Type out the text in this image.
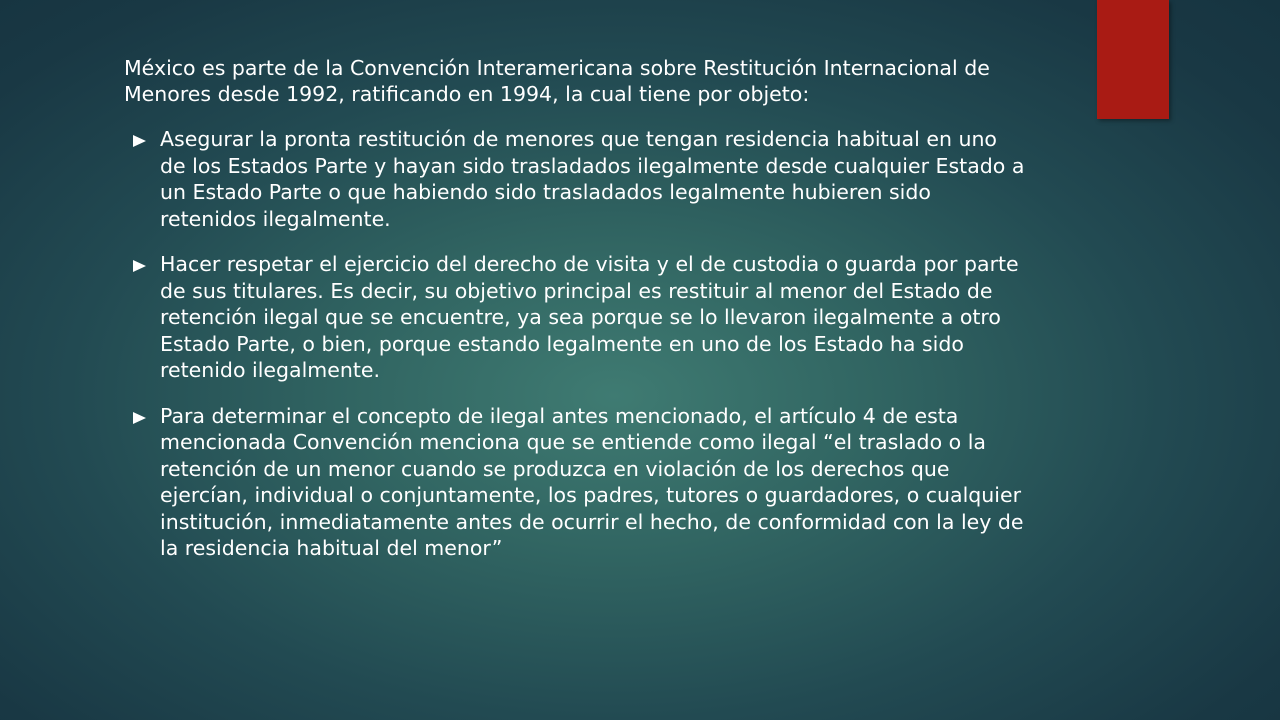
México es parte de la Convención Interamericana sobre Restitución Internacional de Menores desde 1992, ratificando en 1994, la cual tiene por objeto:

Asegurar la pronta restitución de menores que tengan residencia habitual en uno de los Estados Parte y hayan sido trasladados ilegalmente desde cualquier Estado a un Estado Parte o que habiendo sido trasladados legalmente hubieren sido retenidos ilegalmente.
Hacer respetar el ejercicio del derecho de visita y el de custodia o guarda por parte de sus titulares. Es decir, su objetivo principal es restituir al menor del Estado de retención ilegal que se encuentre, ya sea porque se lo llevaron ilegalmente a otro Estado Parte, o bien, porque estando legalmente en uno de los Estado ha sido retenido ilegalmente.
Para determinar el concepto de ilegal antes mencionado, el artículo 4 de esta mencionada Convención menciona que se entiende como ilegal “el traslado o la retención de un menor cuando se produzca en violación de los derechos que ejercían, individual o conjuntamente, los padres, tutores o guardadores, o cualquier institución, inmediatamente antes de ocurrir el hecho, de conformidad con la ley de la residencia habitual del menor”
